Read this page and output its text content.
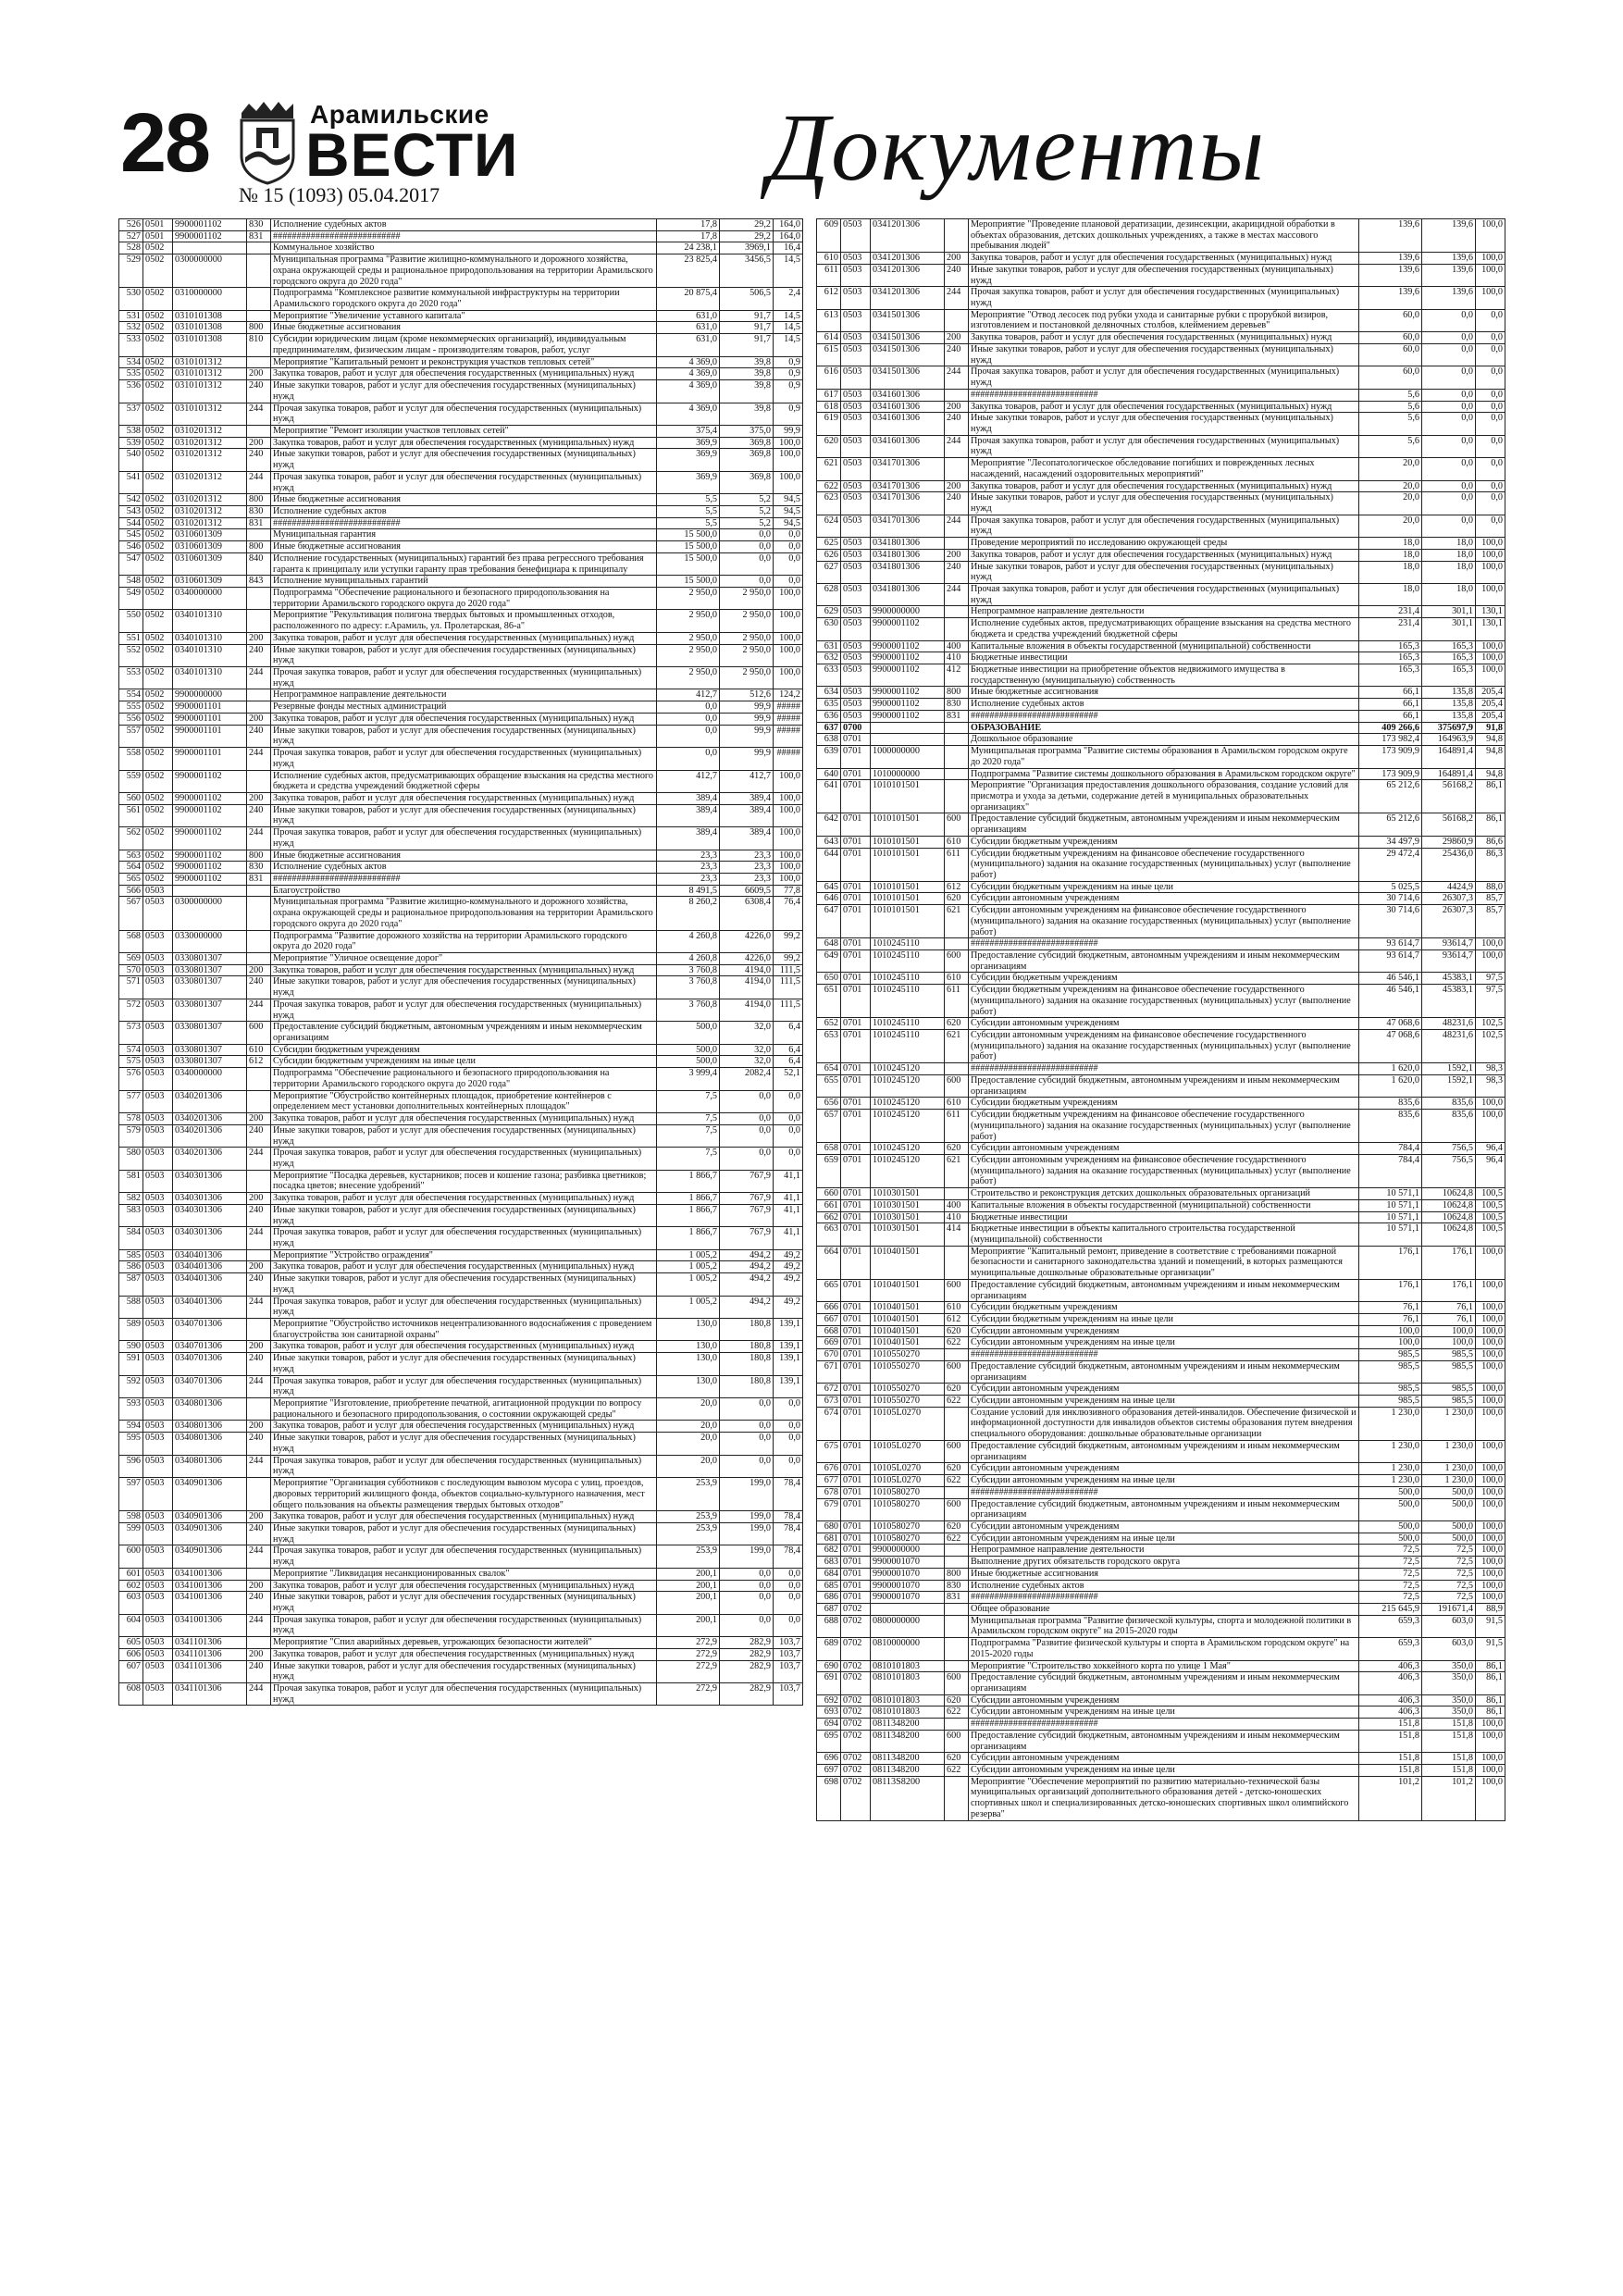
28	Арамильские
ВЕСТИ
№ 15 (1093) 05.04.2017	Документы
526	0501	9900001102	830	Исполнение судебных актов	17,8	29,2	164,0
527	0501	9900001102	831	###########################	17,8	29,2	164,0
528	0502			Коммунальное хозяйство	24 238,1	3969,1	16,4
529	0502	0300000000		Муниципальная программа "Развитие жилищно-коммунального и дорожного хозяйства, охрана окружающей среды и рациональное природопользования на территории Арамильского городского округа до 2020 года"	23 825,4	3456,5	14,5
530	0502	0310000000		Подпрограмма "Комплексное развитие коммунальной инфраструктуры на территории Арамильского городского округа до 2020 года"	20 875,4	506,5	2,4
531	0502	0310101308		Мероприятие "Увеличение уставного капитала"	631,0	91,7	14,5
532	0502	0310101308	800	Иные бюджетные ассигнования	631,0	91,7	14,5
533	0502	0310101308	810	Субсидии юридическим лицам (кроме некоммерческих организаций), индивидуальным предпринимателям, физическим лицам - производителям товаров, работ, услуг	631,0	91,7	14,5
534	0502	0310101312		Мероприятие "Капитальный ремонт и реконструкция участков тепловых сетей"	4 369,0	39,8	0,9
535	0502	0310101312	200	Закупка товаров, работ и услуг для обеспечения государственных (муниципальных) нужд	4 369,0	39,8	0,9
536	0502	0310101312	240	Иные закупки товаров, работ и услуг для обеспечения государственных (муниципальных) нужд	4 369,0	39,8	0,9
537	0502	0310101312	244	Прочая закупка товаров, работ и услуг для обеспечения государственных (муниципальных) нужд	4 369,0	39,8	0,9
538	0502	0310201312		Мероприятие "Ремонт изоляции участков тепловых сетей"	375,4	375,0	99,9
539	0502	0310201312	200	Закупка товаров, работ и услуг для обеспечения государственных (муниципальных) нужд	369,9	369,8	100,0
540	0502	0310201312	240	Иные закупки товаров, работ и услуг для обеспечения государственных (муниципальных) нужд	369,9	369,8	100,0
541	0502	0310201312	244	Прочая закупка товаров, работ и услуг для обеспечения государственных (муниципальных) нужд	369,9	369,8	100,0
542	0502	0310201312	800	Иные бюджетные ассигнования	5,5	5,2	94,5
543	0502	0310201312	830	Исполнение судебных актов	5,5	5,2	94,5
544	0502	0310201312	831	###########################	5,5	5,2	94,5
545	0502	0310601309		Муниципальная гарантия	15 500,0	0,0	0,0
546	0502	0310601309	800	Иные бюджетные ассигнования	15 500,0	0,0	0,0
547	0502	0310601309	840	Исполнение государственных (муниципальных) гарантий без права регрессного требования гаранта к принципалу или уступки гаранту прав требования бенефициара к принципалу	15 500,0	0,0	0,0
548	0502	0310601309	843	Исполнение муниципальных гарантий	15 500,0	0,0	0,0
549	0502	0340000000		Подпрограмма "Обеспечение рационального и безопасного природопользования на территории Арамильского городского округа до 2020 года"	2 950,0	2 950,0	100,0
550	0502	0340101310		Мероприятие "Рекультивация полигона твердых бытовых и промышленных отходов, расположенного по адресу: г.Арамиль, ул. Пролетарская, 86-а"	2 950,0	2 950,0	100,0
551	0502	0340101310	200	Закупка товаров, работ и услуг для обеспечения государственных (муниципальных) нужд	2 950,0	2 950,0	100,0
552	0502	0340101310	240	Иные закупки товаров, работ и услуг для обеспечения государственных (муниципальных) нужд	2 950,0	2 950,0	100,0
553	0502	0340101310	244	Прочая закупка товаров, работ и услуг для обеспечения государственных (муниципальных) нужд	2 950,0	2 950,0	100,0
554	0502	9900000000		Непрограммное направление деятельности	412,7	512,6	124,2
555	0502	9900001101		Резервные фонды местных администраций	0,0	99,9	#####
556	0502	9900001101	200	Закупка товаров, работ и услуг для обеспечения государственных (муниципальных) нужд	0,0	99,9	#####
557	0502	9900001101	240	Иные закупки товаров, работ и услуг для обеспечения государственных (муниципальных) нужд	0,0	99,9	#####
558	0502	9900001101	244	Прочая закупка товаров, работ и услуг для обеспечения государственных (муниципальных) нужд	0,0	99,9	#####
559	0502	9900001102		Исполнение судебных актов, предусматривающих обращение взыскания на средства местного бюджета и средства учреждений бюджетной сферы	412,7	412,7	100,0
560	0502	9900001102	200	Закупка товаров, работ и услуг для обеспечения государственных (муниципальных) нужд	389,4	389,4	100,0
561	0502	9900001102	240	Иные закупки товаров, работ и услуг для обеспечения государственных (муниципальных) нужд	389,4	389,4	100,0
562	0502	9900001102	244	Прочая закупка товаров, работ и услуг для обеспечения государственных (муниципальных) нужд	389,4	389,4	100,0
563	0502	9900001102	800	Иные бюджетные ассигнования	23,3	23,3	100,0
564	0502	9900001102	830	Исполнение судебных актов	23,3	23,3	100,0
565	0502	9900001102	831	###########################	23,3	23,3	100,0
566	0503			Благоустройство	8 491,5	6609,5	77,8
567	0503	0300000000		Муниципальная программа "Развитие жилищно-коммунального и дорожного хозяйства, охрана окружающей среды и рациональное природопользования на территории Арамильского городского округа до 2020 года"	8 260,2	6308,4	76,4
568	0503	0330000000		Подпрограмма "Развитие дорожного хозяйства на территории Арамильского городского округа до 2020 года"	4 260,8	4226,0	99,2
569	0503	0330801307		Мероприятие "Уличное освещение дорог"	4 260,8	4226,0	99,2
570	0503	0330801307	200	Закупка товаров, работ и услуг для обеспечения государственных (муниципальных) нужд	3 760,8	4194,0	111,5
571	0503	0330801307	240	Иные закупки товаров, работ и услуг для обеспечения государственных (муниципальных) нужд	3 760,8	4194,0	111,5
572	0503	0330801307	244	Прочая закупка товаров, работ и услуг для обеспечения государственных (муниципальных) нужд	3 760,8	4194,0	111,5
573	0503	0330801307	600	Предоставление субсидий бюджетным, автономным учреждениям и иным некоммерческим организациям	500,0	32,0	6,4
574	0503	0330801307	610	Субсидии бюджетным учреждениям	500,0	32,0	6,4
575	0503	0330801307	612	Субсидии бюджетным учреждениям на иные цели	500,0	32,0	6,4
576	0503	0340000000		Подпрограмма "Обеспечение рационального и безопасного природопользования на территории Арамильского городского округа до 2020 года"	3 999,4	2082,4	52,1
577	0503	0340201306		Мероприятие "Обустройство контейнерных площадок, приобретение контейнеров с определением мест установки дополнительных контейнерных площадок"	7,5	0,0	0,0
578	0503	0340201306	200	Закупка товаров, работ и услуг для обеспечения государственных (муниципальных) нужд	7,5	0,0	0,0
579	0503	0340201306	240	Иные закупки товаров, работ и услуг для обеспечения государственных (муниципальных) нужд	7,5	0,0	0,0
580	0503	0340201306	244	Прочая закупка товаров, работ и услуг для обеспечения государственных (муниципальных) нужд	7,5	0,0	0,0
581	0503	0340301306		Мероприятие "Посадка деревьев, кустарников; посев и кошение газона; разбивка цветников; посадка цветов; внесение удобрений"	1 866,7	767,9	41,1
582	0503	0340301306	200	Закупка товаров, работ и услуг для обеспечения государственных (муниципальных) нужд	1 866,7	767,9	41,1
583	0503	0340301306	240	Иные закупки товаров, работ и услуг для обеспечения государственных (муниципальных) нужд	1 866,7	767,9	41,1
584	0503	0340301306	244	Прочая закупка товаров, работ и услуг для обеспечения государственных (муниципальных) нужд	1 866,7	767,9	41,1
585	0503	0340401306		Мероприятие "Устройство ограждения"	1 005,2	494,2	49,2
586	0503	0340401306	200	Закупка товаров, работ и услуг для обеспечения государственных (муниципальных) нужд	1 005,2	494,2	49,2
587	0503	0340401306	240	Иные закупки товаров, работ и услуг для обеспечения государственных (муниципальных) нужд	1 005,2	494,2	49,2
588	0503	0340401306	244	Прочая закупка товаров, работ и услуг для обеспечения государственных (муниципальных) нужд	1 005,2	494,2	49,2
589	0503	0340701306		Мероприятие "Обустройство источников нецентрализованного водоснабжения с проведением благоустройства зон санитарной охраны"	130,0	180,8	139,1
590	0503	0340701306	200	Закупка товаров, работ и услуг для обеспечения государственных (муниципальных) нужд	130,0	180,8	139,1
591	0503	0340701306	240	Иные закупки товаров, работ и услуг для обеспечения государственных (муниципальных) нужд	130,0	180,8	139,1
592	0503	0340701306	244	Прочая закупка товаров, работ и услуг для обеспечения государственных (муниципальных) нужд	130,0	180,8	139,1
593	0503	0340801306		Мероприятие "Изготовление, приобретение печатной, агитационной продукции по вопросу рационального и безопасного природопользования, о состоянии окружающей среды"	20,0	0,0	0,0
594	0503	0340801306	200	Закупка товаров, работ и услуг для обеспечения государственных (муниципальных) нужд	20,0	0,0	0,0
595	0503	0340801306	240	Иные закупки товаров, работ и услуг для обеспечения государственных (муниципальных) нужд	20,0	0,0	0,0
596	0503	0340801306	244	Прочая закупка товаров, работ и услуг для обеспечения государственных (муниципальных) нужд	20,0	0,0	0,0
597	0503	0340901306		Мероприятие "Организация субботников с последующим вывозом мусора с улиц, проездов, дворовых территорий жилищного фонда, объектов социально-культурного назначения, мест общего пользования на объекты размещения твердых бытовых отходов"	253,9	199,0	78,4
598	0503	0340901306	200	Закупка товаров, работ и услуг для обеспечения государственных (муниципальных) нужд	253,9	199,0	78,4
599	0503	0340901306	240	Иные закупки товаров, работ и услуг для обеспечения государственных (муниципальных) нужд	253,9	199,0	78,4
600	0503	0340901306	244	Прочая закупка товаров, работ и услуг для обеспечения государственных (муниципальных) нужд	253,9	199,0	78,4
601	0503	0341001306		Мероприятие "Ликвидация несанкционированных свалок"	200,1	0,0	0,0
602	0503	0341001306	200	Закупка товаров, работ и услуг для обеспечения государственных (муниципальных) нужд	200,1	0,0	0,0
603	0503	0341001306	240	Иные закупки товаров, работ и услуг для обеспечения государственных (муниципальных) нужд	200,1	0,0	0,0
604	0503	0341001306	244	Прочая закупка товаров, работ и услуг для обеспечения государственных (муниципальных) нужд	200,1	0,0	0,0
605	0503	0341101306		Мероприятие "Спил аварийных деревьев, угрожающих безопасности жителей"	272,9	282,9	103,7
606	0503	0341101306	200	Закупка товаров, работ и услуг для обеспечения государственных (муниципальных) нужд	272,9	282,9	103,7
607	0503	0341101306	240	Иные закупки товаров, работ и услуг для обеспечения государственных (муниципальных) нужд	272,9	282,9	103,7
608	0503	0341101306	244	Прочая закупка товаров, работ и услуг для обеспечения государственных (муниципальных) нужд	272,9	282,9	103,7
609	0503	0341201306		Мероприятие "Проведение плановой дератизации, дезинсекции, акарицидной обработки в объектах образования, детских дошкольных учреждениях, а также в местах массового пребывания людей"	139,6	139,6	100,0
610	0503	0341201306	200	Закупка товаров, работ и услуг для обеспечения государственных (муниципальных) нужд	139,6	139,6	100,0
611	0503	0341201306	240	Иные закупки товаров, работ и услуг для обеспечения государственных (муниципальных) нужд	139,6	139,6	100,0
612	0503	0341201306	244	Прочая закупка товаров, работ и услуг для обеспечения государственных (муниципальных) нужд	139,6	139,6	100,0
613	0503	0341501306		Мероприятие "Отвод лесосек под рубки ухода и санитарные рубки с прорубкой визиров, изготовлением и постановкой деляночных столбов, клеймением деревьев"	60,0	0,0	0,0
614	0503	0341501306	200	Закупка товаров, работ и услуг для обеспечения государственных (муниципальных) нужд	60,0	0,0	0,0
615	0503	0341501306	240	Иные закупки товаров, работ и услуг для обеспечения государственных (муниципальных) нужд	60,0	0,0	0,0
616	0503	0341501306	244	Прочая закупка товаров, работ и услуг для обеспечения государственных (муниципальных) нужд	60,0	0,0	0,0
617	0503	0341601306		###########################	5,6	0,0	0,0
618	0503	0341601306	200	Закупка товаров, работ и услуг для обеспечения государственных (муниципальных) нужд	5,6	0,0	0,0
619	0503	0341601306	240	Иные закупки товаров, работ и услуг для обеспечения государственных (муниципальных) нужд	5,6	0,0	0,0
620	0503	0341601306	244	Прочая закупка товаров, работ и услуг для обеспечения государственных (муниципальных) нужд	5,6	0,0	0,0
621	0503	0341701306		Мероприятие "Лесопатологическое обследование погибших и поврежденных лесных насаждений, насаждений оздоровительных мероприятий"	20,0	0,0	0,0
622	0503	0341701306	200	Закупка товаров, работ и услуг для обеспечения государственных (муниципальных) нужд	20,0	0,0	0,0
623	0503	0341701306	240	Иные закупки товаров, работ и услуг для обеспечения государственных (муниципальных) нужд	20,0	0,0	0,0
624	0503	0341701306	244	Прочая закупка товаров, работ и услуг для обеспечения государственных (муниципальных) нужд	20,0	0,0	0,0
625	0503	0341801306		Проведение мероприятий по исследованию окружающей среды	18,0	18,0	100,0
626	0503	0341801306	200	Закупка товаров, работ и услуг для обеспечения государственных (муниципальных) нужд	18,0	18,0	100,0
627	0503	0341801306	240	Иные закупки товаров, работ и услуг для обеспечения государственных (муниципальных) нужд	18,0	18,0	100,0
628	0503	0341801306	244	Прочая закупка товаров, работ и услуг для обеспечения государственных (муниципальных) нужд	18,0	18,0	100,0
629	0503	9900000000		Непрограммное направление деятельности	231,4	301,1	130,1
630	0503	9900001102		Исполнение судебных актов, предусматривающих обращение взыскания на средства местного бюджета и средства учреждений бюджетной сферы	231,4	301,1	130,1
631	0503	9900001102	400	Капитальные вложения в объекты государственной (муниципальной) собственности	165,3	165,3	100,0
632	0503	9900001102	410	Бюджетные инвестиции	165,3	165,3	100,0
633	0503	9900001102	412	Бюджетные инвестиции на приобретение объектов недвижимого имущества в государственную (муниципальную) собственность	165,3	165,3	100,0
634	0503	9900001102	800	Иные бюджетные ассигнования	66,1	135,8	205,4
635	0503	9900001102	830	Исполнение судебных актов	66,1	135,8	205,4
636	0503	9900001102	831	###########################	66,1	135,8	205,4
637	0700			ОБРАЗОВАНИЕ	409 266,6	375697,9	91,8
638	0701			Дошкольное образование	173 982,4	164963,9	94,8
639	0701	1000000000		Муниципальная программа "Развитие системы образования в Арамильском городском округе до 2020 года"	173 909,9	164891,4	94,8
640	0701	1010000000		Подпрограмма "Развитие системы дошкольного образования в Арамильском городском округе"	173 909,9	164891,4	94,8
641	0701	1010101501		Мероприятие "Организация предоставления дошкольного образования, создание условий для присмотра и ухода за детьми, содержание детей в муниципальных образовательных организациях"	65 212,6	56168,2	86,1
642	0701	1010101501	600	Предоставление субсидий бюджетным, автономным учреждениям и иным некоммерческим организациям	65 212,6	56168,2	86,1
643	0701	1010101501	610	Субсидии бюджетным учреждениям	34 497,9	29860,9	86,6
644	0701	1010101501	611	Субсидии бюджетным учреждениям на финансовое обеспечение государственного (муниципального) задания на оказание государственных (муниципальных) услуг (выполнение работ)	29 472,4	25436,0	86,3
645	0701	1010101501	612	Субсидии бюджетным учреждениям на иные цели	5 025,5	4424,9	88,0
646	0701	1010101501	620	Субсидии автономным учреждениям	30 714,6	26307,3	85,7
647	0701	1010101501	621	Субсидии автономным учреждениям на финансовое обеспечение государственного (муниципального) задания на оказание государственных (муниципальных) услуг (выполнение работ)	30 714,6	26307,3	85,7
648	0701	1010245110		###########################	93 614,7	93614,7	100,0
649	0701	1010245110	600	Предоставление субсидий бюджетным, автономным учреждениям и иным некоммерческим организациям	93 614,7	93614,7	100,0
650	0701	1010245110	610	Субсидии бюджетным учреждениям	46 546,1	45383,1	97,5
651	0701	1010245110	611	Субсидии бюджетным учреждениям на финансовое обеспечение государственного (муниципального) задания на оказание государственных (муниципальных) услуг (выполнение работ)	46 546,1	45383,1	97,5
652	0701	1010245110	620	Субсидии автономным учреждениям	47 068,6	48231,6	102,5
653	0701	1010245110	621	Субсидии автономным учреждениям на финансовое обеспечение государственного (муниципального) задания на оказание государственных (муниципальных) услуг (выполнение работ)	47 068,6	48231,6	102,5
654	0701	1010245120		###########################	1 620,0	1592,1	98,3
655	0701	1010245120	600	Предоставление субсидий бюджетным, автономным учреждениям и иным некоммерческим организациям	1 620,0	1592,1	98,3
656	0701	1010245120	610	Субсидии бюджетным учреждениям	835,6	835,6	100,0
657	0701	1010245120	611	Субсидии бюджетным учреждениям на финансовое обеспечение государственного (муниципального) задания на оказание государственных (муниципальных) услуг (выполнение работ)	835,6	835,6	100,0
658	0701	1010245120	620	Субсидии автономным учреждениям	784,4	756,5	96,4
659	0701	1010245120	621	Субсидии автономным учреждениям на финансовое обеспечение государственного (муниципального) задания на оказание государственных (муниципальных) услуг (выполнение работ)	784,4	756,5	96,4
660	0701	1010301501		Строительство и реконструкция детских дошкольных образовательных организаций	10 571,1	10624,8	100,5
661	0701	1010301501	400	Капитальные вложения в объекты государственной (муниципальной) собственности	10 571,1	10624,8	100,5
662	0701	1010301501	410	Бюджетные инвестиции	10 571,1	10624,8	100,5
663	0701	1010301501	414	Бюджетные инвестиции в объекты капитального строительства государственной (муниципальной) собственности	10 571,1	10624,8	100,5
664	0701	1010401501		Мероприятие "Капитальный ремонт, приведение в соответствие с требованиями пожарной безопасности и санитарного законодательства зданий и помещений, в которых размещаются муниципальные дошкольные образовательные организации"	176,1	176,1	100,0
665	0701	1010401501	600	Предоставление субсидий бюджетным, автономным учреждениям и иным некоммерческим организациям	176,1	176,1	100,0
666	0701	1010401501	610	Субсидии бюджетным учреждениям	76,1	76,1	100,0
667	0701	1010401501	612	Субсидии бюджетным учреждениям на иные цели	76,1	76,1	100,0
668	0701	1010401501	620	Субсидии автономным учреждениям	100,0	100,0	100,0
669	0701	1010401501	622	Субсидии автономным учреждениям на иные цели	100,0	100,0	100,0
670	0701	1010550270		###########################	985,5	985,5	100,0
671	0701	1010550270	600	Предоставление субсидий бюджетным, автономным учреждениям и иным некоммерческим организациям	985,5	985,5	100,0
672	0701	1010550270	620	Субсидии автономным учреждениям	985,5	985,5	100,0
673	0701	1010550270	622	Субсидии автономным учреждениям на иные цели	985,5	985,5	100,0
674	0701	10105L0270		Создание условий для инклюзивного образования детей-инвалидов. Обеспечение физической и информационной доступности для инвалидов объектов системы образования путем внедрения специального оборудования: дошкольные образовательные организации	1 230,0	1 230,0	100,0
675	0701	10105L0270	600	Предоставление субсидий бюджетным, автономным учреждениям и иным некоммерческим организациям	1 230,0	1 230,0	100,0
676	0701	10105L0270	620	Субсидии автономным учреждениям	1 230,0	1 230,0	100,0
677	0701	10105L0270	622	Субсидии автономным учреждениям на иные цели	1 230,0	1 230,0	100,0
678	0701	1010580270		###########################	500,0	500,0	100,0
679	0701	1010580270	600	Предоставление субсидий бюджетным, автономным учреждениям и иным некоммерческим организациям	500,0	500,0	100,0
680	0701	1010580270	620	Субсидии автономным учреждениям	500,0	500,0	100,0
681	0701	1010580270	622	Субсидии автономным учреждениям на иные цели	500,0	500,0	100,0
682	0701	9900000000		Непрограммное направление деятельности	72,5	72,5	100,0
683	0701	9900001070		Выполнение других обязательств городского округа	72,5	72,5	100,0
684	0701	9900001070	800	Иные бюджетные ассигнования	72,5	72,5	100,0
685	0701	9900001070	830	Исполнение судебных актов	72,5	72,5	100,0
686	0701	9900001070	831	###########################	72,5	72,5	100,0
687	0702			Общее образование	215 645,9	191671,4	88,9
688	0702	0800000000		Муниципальная программа "Развитие физической культуры, спорта и молодежной политики в Арамильском городском округе" на 2015-2020 годы	659,3	603,0	91,5
689	0702	0810000000		Подпрограмма "Развитие физической культуры и спорта в Арамильском городском округе" на 2015-2020 годы	659,3	603,0	91,5
690	0702	0810101803		Мероприятие "Строительство хоккейного корта по улице 1 Мая"	406,3	350,0	86,1
691	0702	0810101803	600	Предоставление субсидий бюджетным, автономным учреждениям и иным некоммерческим организациям	406,3	350,0	86,1
692	0702	0810101803	620	Субсидии автономным учреждениям	406,3	350,0	86,1
693	0702	0810101803	622	Субсидии автономным учреждениям на иные цели	406,3	350,0	86,1
694	0702	0811348200		###########################	151,8	151,8	100,0
695	0702	0811348200	600	Предоставление субсидий бюджетным, автономным учреждениям и иным некоммерческим организациям	151,8	151,8	100,0
696	0702	0811348200	620	Субсидии автономным учреждениям	151,8	151,8	100,0
697	0702	0811348200	622	Субсидии автономным учреждениям на иные цели	151,8	151,8	100,0
698	0702	08113S8200		Мероприятие "Обеспечение мероприятий по развитию материально-технической базы муниципальных организаций дополнительного образования детей - детско-юношеских спортивных школ и специализированных детско-юношеских спортивных школ олимпийского резерва"	101,2	101,2	100,0
